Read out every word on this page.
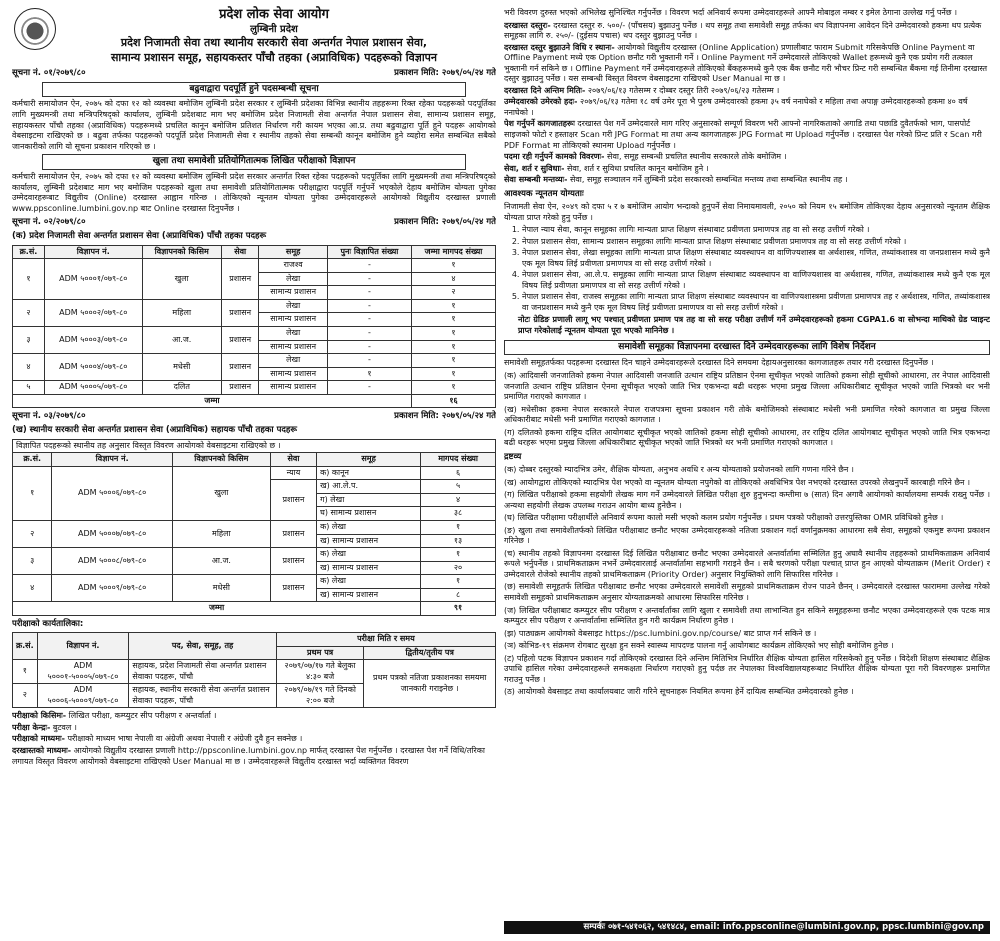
प्रदेश लोक सेवा आयोग
लुम्बिनी प्रदेश
प्रदेश निजामती सेवा तथा स्थानीय सरकारी सेवा अन्तर्गत नेपाल प्रशासन सेवा,
सामान्य प्रशासन समूह, सहायकस्तर पाँचौ तहका (अप्राविधिक) पदहरूको विज्ञापन
सूचना नं. ०१/२०७९/८०	प्रकाशन मिति: २०७९/०५/२४ गते
बढुवाद्वारा पदपूर्ति हुने पदसम्बन्धी सूचना

कर्मचारी समायोजन ऐन, २०७५ को दफा १२ को व्यवस्था बमोजिम लुम्बिनी प्रदेश सरकार र लुम्बिनी प्रदेशका विभिन्न स्थानीय तहहरूमा रिक्त रहेका पदहरूको पदपूर्तिका लागि मुख्यमन्त्री तथा मन्त्रिपरिषद्को कार्यालय, लुम्बिनी प्रदेशबाट माग भए बमोजिम प्रदेश निजामती सेवा अन्तर्गत नेपाल प्रशासन सेवा, सामान्य प्रशासन समूह, सहायकस्तर पाँचौ तहका (अप्राविधिक) पदहरूमध्ये प्रचलित कानून बमोजिम प्रतिशत निर्धारण गरी कायम भएका आ.प्र. तथा बढुवाद्वारा पूर्ति हुने पदहरू आयोगको वेबसाइटमा राखिएको छ । बढुवा तर्फका पदहरूको पदपूर्ति प्रदेश निजामती सेवा र स्थानीय तहको सेवा सम्बन्धी कानून बमोजिम हुने व्यहोरा समेत सम्बन्धित सबैको जानकारीको लागि यो सूचना प्रकाशन गरिएको छ ।

खुला तथा समावेशी प्रतियोगितात्मक लिखित परीक्षाको विज्ञापन

कर्मचारी समायोजन ऐन, २०७५ को दफा १२ को व्यवस्था बमोजिम लुम्बिनी प्रदेश सरकार अन्तर्गत रिक्त रहेका पदहरूको पदपूर्तिका लागि मुख्यमन्त्री तथा मन्त्रिपरिषद्को कार्यालय, लुम्बिनी प्रदेशबाट माग भए बमोजिम पदहरूको खुला तथा समावेशी प्रतियोगितात्मक परीक्षाद्वारा पदपूर्ति गर्नुपर्ने भएकोले देहाय बमोजिम योग्यता पुगेका उम्मेदवारहरूबाट विद्युतीय (Online) दरखास्त आह्वान गरिन्छ । तोकिएको न्यूनतम योग्यता पुगेका उम्मेदवारहरूले आयोगको विद्युतीय दरखास्त प्रणाली www.ppsconline.lumbini.gov.np बाट Online दरखास्त दिनुपर्नेछ ।

सूचना नं. ०२/२०७९/८०	प्रकाशन मिति: २०७९/०५/२४ गते
(क) प्रदेश निजामती सेवा अन्तर्गत प्रशासन सेवा (अप्राविधिक) पाँचौ तहका पदहरू
क्र.सं.	विज्ञापन नं.	विज्ञापनको किसिम	सेवा	समूह	पुनः विज्ञापित संख्या	जम्मा मागपद संख्या
१	ADM ५०००१/०७९-८०	खुला	प्रशासन	राजश्व	-	१
				लेखा	-	४
				सामान्य प्रशासन	-	२
२	ADM ५०००२/०७९-८०	महिला	प्रशासन	लेखा	-	१
				सामान्य प्रशासन	-	१
३	ADM ५०००३/०७९-८०	आ.ज.	प्रशासन	लेखा	-	१
				सामान्य प्रशासन	-	१
४	ADM ५०००४/०७९-८०	मधेसी	प्रशासन	लेखा	-	१
				सामान्य प्रशासन	१	१
५	ADM ५०००५/०७९-८०	दलित	प्रशासन	सामान्य प्रशासन	-	१
जम्मा						१६
सूचना नं. ०३/२०७९/८०	प्रकाशन मिति: २०७९/०५/२४ गते
(ख) स्थानीय सरकारी सेवा अन्तर्गत प्रशासन सेवा (अप्राविधिक) सहायक पाँचौ तहका पदहरू
विज्ञापित पदहरूको स्थानीय तह अनुसार विस्तृत विवरण आयोगको वेबसाइटमा राखिएको छ ।
क्र.सं.	विज्ञापन नं.	विज्ञापनको किसिम	सेवा	समूह	मागपद संख्या
१	ADM ५०००६/०७९-८०	खुला	न्याय	क) कानून	६
			प्रशासन	ख) आ.ले.प.	५
				ग) लेखा	४
				घ) सामान्य प्रशासन	३८
२	ADM ५०००७/०७९-८०	महिला	प्रशासन	क) लेखा	१
				ख) सामान्य प्रशासन	१३
३	ADM ५०००८/०७९-८०	आ.ज.	प्रशासन	क) लेखा	१
				ख) सामान्य प्रशासन	२०
४	ADM ५०००९/०७९-८०	मधेसी	प्रशासन	क) लेखा	१
				ख) सामान्य प्रशासन	८
जम्मा					९१
परीक्षाको कार्यतालिका:
क्र.सं.	विज्ञापन नं.	पद, सेवा, समूह, तह	परीक्षा मिति र समय	
			प्रथम पत्र	द्वितीय/तृतीय पत्र
१	ADM ५०००१-५०००५/०७९-८०	सहायक, प्रदेश निजामती सेवा अन्तर्गत प्रशासन सेवाका पदहरू, पाँचौ	२०७९/०७/१७ गते बेलुका ४:३० बजे	प्रथम पत्रको नतिजा प्रकाशनका समयमा जानकारी गराइनेछ ।
२	ADM ५०००६-५०००९/०७९-८०	सहायक, स्थानीय सरकारी सेवा अन्तर्गत प्रशासन सेवाका पदहरू, पाँचौ	२०७९/०७/१९ गते दिनको २:०० बजे	
परीक्षाको किसिमः- लिखित परीक्षा, कम्प्युटर सीप परीक्षण र अन्तर्वार्ता ।
परीक्षा केन्द्रः- बुटवल ।
परीक्षाको माध्यमः- परीक्षाको माध्यम भाषा नेपाली वा अंग्रेजी अथवा नेपाली र अंग्रेजी दुवै हुन सक्नेछ ।
दरखास्तको माध्यमः- आयोगको विद्युतीय दरखास्त प्रणाली http://ppsconline.lumbini.gov.np मार्फत् दरखास्त पेश गर्नुपर्नेछ । दरखास्त पेश गर्ने विधि/तरिका लगायत विस्तृत विवरण आयोगको वेबसाइटमा राखिएको User Manual मा छ । उम्मेदवारहरूले विद्युतीय दरखास्त भर्दा व्यक्तिगत विवरण

भरी विवरण दुरुस्त भएको अभिलेख सुनिश्चित गर्नुपर्नेछ । विवरण भर्दा अनिवार्य रूपमा उम्मेदवारहरूले आफ्नै मोबाइल नम्बर र इमेल ठेगाना उल्लेख गर्नु पर्नेछ ।

दरखास्त दस्तुरः- दरखास्त दस्तुर रु. ५००/- (पाँचसय) बुझाउनु पर्नेछ । थप समूह तथा समावेशी समूह तर्फका थप विज्ञापनमा आवेदन दिने उम्मेदवारको हकमा थप प्रत्येक समूहका लागि रु. २५०/- (दुईसय पचास) थप दस्तुर बुझाउनु पर्नेछ ।
दरखास्त दस्तुर बुझाउने विधि र स्थानः- आयोगको विद्युतीय दरखास्त (Online Application) प्रणालीबाट फाराम Submit गरिसकेपछि Online Payment वा Offline Payment मध्ये एक Option छनौट गरी भुक्तानी गर्ने । Online Payment गर्ने उम्मेदवारले तोकिएको Wallet हरूमध्ये कुनै एक प्रयोग गरी तत्काल भुक्तानी गर्न सकिने छ । Offline Payment गर्ने उम्मेदवारहरूले तोकिएको बैंकहरूमध्ये कुनै एक बैंक छनौट गरी भौचर प्रिन्ट गरी सम्बन्धित बैंकमा गई तिनीमा दरखास्त दस्तुर बुझाउनु पर्नेछ । यस सम्बन्धी विस्तृत विवरण वेबसाइटमा राखिएको User Manual मा छ ।
दरखास्त दिने अन्तिम मितिः- २०७९/०६/१३ गतेसम्म र दोब्बर दस्तुर तिरी २०७९/०६/२३ गतेसम्म ।
उम्मेदवारको उमेरको हदः- २०७९/०६/१३ गतेमा १८ वर्ष उमेर पूरा भै पुरुष उम्मेदवारको हकमा ३५ वर्ष ननाघेको र महिला तथा अपाङ्ग उम्मेदवारहरूको हकमा ४० वर्ष ननाघेको ।
पेश गर्नुपर्ने कागजातहरूः दरखास्त पेश गर्ने उम्मेदवारले माग गरिए अनुसारको सम्पूर्ण विवरण भरी आफ्नो नागरिकताको अगाडि तथा पछाडि दुवैतर्फको भाग, पासपोर्ट साइजको फोटो र हस्ताक्षर Scan गरी JPG Format मा तथा अन्य कागजातहरू JPG Format मा Upload गर्नुपर्नेछ । दरखास्त पेश गरेको प्रिन्ट प्रति र Scan गरी PDF Format मा तोकिएको स्थानमा Upload गर्नुपर्नेछ ।
पदमा रही गर्नुपर्ने कामको विवरणः- सेवा, समूह सम्बन्धी प्रचलित स्थानीय सरकारले तोके बमोजिम ।
सेवा, शर्त र सुविधाः- सेवा, शर्त र सुविधा प्रचलित कानून बमोजिम हुने ।
सेवा सम्बन्धी मन्तव्यः- सेवा, समूह सञ्चालन गर्ने लुम्बिनी प्रदेश सरकारको सम्बन्धित मन्तव्य तथा सम्बन्धित स्थानीय तह ।
आवश्यक न्यूनतम योग्यताः

निजामती सेवा ऐन, २०४९ को दफा ५ र ७ बमोजिम आयोग भन्दाको हुनुपर्ने सेवा निमायमावली, २०५० को नियम १५ बमोजिम तोकिएका देहाय अनुसारको न्यूनतम शैक्षिक योग्यता प्राप्त गरेको हुनु पर्नेछ ।

1. नेपाल न्याय सेवा, कानून समूहका लागिः मान्यता प्राप्त शिक्षण संस्थाबाट प्रवीणता प्रमाणपत्र तह वा सो सरह उत्तीर्ण गरेको ।
2. नेपाल प्रशासन सेवा, सामान्य प्रशासन समूहका लागिः मान्यता प्राप्त शिक्षण संस्थाबाट प्रवीणता प्रमाणपत्र तह वा सो सरह उत्तीर्ण गरेको ।
3. नेपाल प्रशासन सेवा, लेखा समूहका लागिः मान्यता प्राप्त शिक्षण संस्थाबाट व्यवस्थापन वा वाणिज्यशास्त्र वा अर्थशास्त्र, गणित, तथ्यांकशास्त्र वा जनप्रशासन मध्ये कुनै एक मूल विषय लिई प्रवीणता प्रमाणपत्र वा सो सरह उत्तीर्ण गरेको ।
4. नेपाल प्रशासन सेवा, आ.ले.प. समूहका लागिः मान्यता प्राप्त शिक्षण संस्थाबाट व्यवस्थापन वा वाणिज्यशास्त्र वा अर्थशास्त्र, गणित, तथ्यांकशास्त्र मध्ये कुनै एक मूल विषय लिई प्रवीणता प्रमाणपत्र वा सो सरह उत्तीर्ण गरेको ।
5. नेपाल प्रशासन सेवा, राजस्व समूहका लागिः मान्यता प्राप्त शिक्षण संस्थाबाट व्यवस्थापन वा वाणिज्यशास्त्रमा प्रवीणता प्रमाणपत्र तह र अर्थशास्त्र, गणित, तथ्यांकशास्त्र वा जनप्रशासन मध्ये कुनै एक मूल विषय लिई प्रवीणता प्रमाणपत्र वा सो सरह उत्तीर्ण गरेको ।

नोटः ग्रेडिङ प्रणाली लागू भए पश्चात् प्रवीणता प्रमाण पत्र तह वा सो सरह परीक्षा उत्तीर्ण गर्ने उम्मेदवारहरूको हकमा CGPA1.6 वा सोभन्दा माथिको ग्रेड प्वाइन्ट प्राप्त गरेकोलाई न्यूनतम योग्यता पूरा भएको मानिनेछ ।

समावेशी समूहका विज्ञापनमा दरखास्त दिने उम्मेदवारहरूका लागि विशेष निर्देशन

समावेशी समूहतर्फका पदहरूमा दरखास्त दिन चाहने उम्मेदवारहरूले दरखास्त दिने समयमा देहायअनुसारका कागजातहरू तयार गरी दरखास्त दिनुपर्नेछ ।

(क) आदिवासी जनजातिको हकमा नेपाल आदिवासी जनजाति उत्थान राष्ट्रिय प्रतिष्ठान ऐनमा सूचीकृत भएको जातिको हकमा सोही सूचीको आधारमा, तर नेपाल आदिवासी जनजाति उत्थान राष्ट्रिय प्रतिष्ठान ऐनमा सूचीकृत भएको जाति भित्र एकभन्दा बढी थरहरू भएमा प्रमुख जिल्ला अधिकारीबाट सूचीकृत भएको जाति भित्रको थर भनी प्रमाणित गराएको कागजात ।

(ख) मधेसीका हकमा नेपाल सरकारले नेपाल राजपत्रमा सूचना प्रकाशन गरी तोके बमोजिमको संस्थाबाट मधेसी भनी प्रमाणित गरेको कागजात वा प्रमुख जिल्ला अधिकारीबाट मधेसी भनी प्रमाणित गराएको कागजात ।

(ग) दलितको हकमा राष्ट्रिय दलित आयोगबाट सूचीकृत भएको जातिको हकमा सोही सूचीको आधारमा, तर राष्ट्रिय दलित आयोगबाट सूचीकृत भएको जाति भित्र एकभन्दा बढी थरहरू भएमा प्रमुख जिल्ला अधिकारीबाट सूचीकृत भएको जाति भित्रको थर भनी प्रमाणित गराएको कागजात ।

द्रष्टव्य

(क) दोब्बर दस्तुरको म्यादभित्र उमेर, शैक्षिक योग्यता, अनुभव अवधि र अन्य योग्यताको प्रयोजनको लागि गणना गरिने छैन ।

(ख) आयोगद्वारा तोकिएको म्यादभित्र पेश भएको वा न्यूनतम योग्यता नपुगेको वा तोकिएको अवधिभित्र पेश नभएको दरखास्त उपरको लेखनुपर्ने कारबाही गरिने छैन ।

(ग) लिखित परीक्षाको हकमा सहयोगी लेखक माग गर्ने उम्मेदवारले लिखित परीक्षा शुरु हुनुभन्दा कम्तीमा ७ (सात) दिन अगावै आयोगको कार्यालयमा सम्पर्क राख्नु पर्नेछ । अन्यथा सहयोगी लेखक उपलब्ध गराउन आयोग बाध्य हुनेछैन ।

(घ) लिखित परीक्षामा परीक्षार्थीले अनिवार्य रूपमा कालो मसी भएको कलम प्रयोग गर्नुपर्नेछ । प्रथम पत्रको परीक्षाको उत्तरपुस्तिका OMR प्रविधिको हुनेछ ।

(ङ) खुला तथा समावेशीतर्फको लिखित परीक्षाबाट छनौट भएका उम्मेदवारहरूको नतिजा प्रकाशन गर्दा वर्णानुक्रमका आधारमा सबै सेवा, समूहको एकमुष्ट रूपमा प्रकाशन गरिनेछ ।

(च) स्थानीय तहको विज्ञापनमा दरखास्त दिई लिखित परीक्षाबाट छनौट भएका उम्मेदवारले अन्तर्वार्तामा सम्मिलित हुनु अघावै स्थानीय तहहरूको प्राथमिकताक्रम अनिवार्य रूपले भर्नुपर्नेछ । प्राथमिकताक्रम नभर्ने उम्मेदवारलाई अन्तर्वार्तामा सहभागी गराइने छैन । सबै चरणको परीक्षा पश्चात् प्राप्त हुन आएको योग्यताक्रम (Merit Order) र उम्मेदवारले रोजेको स्थानीय तहको प्राथमिकताक्रम (Priority Order) अनुसार नियुक्तिको लागि सिफारिस गरिनेछ ।

(छ) समावेशी समूहतर्फ लिखित परीक्षाबाट छनौट भएका उम्मेदवारले समावेशी समूहको प्राथमिकताक्रम रोज्न पाउने छैनन् । उम्मेदवारले दरखास्त फाराममा उल्लेख गरेको समावेशी समूहको प्राथमिकताक्रम अनुसार योग्यताक्रमको आधारमा सिफारिस गरिनेछ ।

(ज) लिखित परीक्षाबाट कम्प्युटर सीप परीक्षण र अन्तर्वार्ताका लागि खुला र समावेशी तथा लाभान्वित हुन सकिने समूहहरूमा छनौट भएका उम्मेदवारहरूले एक पटक मात्र कम्प्युटर सीप परीक्षण र अन्तर्वार्तामा सम्मिलित हुन गरी कार्यक्रम निर्धारण हुनेछ ।

(झ) पाठ्यक्रम आयोगको वेबसाइट https://psc.lumbini.gov.np/course/ बाट प्राप्त गर्न सकिने छ ।

(ञ) कोभिड-१९ संक्रमण रोगबाट सुरक्षा हुन सक्ने स्वास्थ्य मापदण्ड पालना गर्नु आयोगबाट कार्यक्रम तोकिएको भए सोही बमोजिम हुनेछ ।

(ट) पहिलो पटक विज्ञापन प्रकाशन गर्दा तोकिएको दरखास्त दिने अन्तिम मितिभित्र निर्धारित शैक्षिक योग्यता हासिल गरिसकेको हुनु पर्नेछ । विदेशी शिक्षण संस्थाबाट शैक्षिक उपाधि हासिल गरेका उम्मेदवारहरूले समकक्षता निर्धारण गराएको हुनु पर्दछ तर नेपालका विश्वविद्यालयहरूबाट निर्धारित शैक्षिक योग्यता पूरा गरी विवरणहरू प्रमाणित गराउनु पर्नेछ ।

(ठ) आयोगको वेबसाइट तथा कार्यालयबाट जारी गरिने सूचनाहरू नियमित रूपमा हेर्ने दायित्व सम्बन्धित उम्मेदवारको हुनेछ ।

सम्पर्कः ०७१-५४१०६२, ५४१४८४, email: info.ppsconline@lumbini.gov.np, ppsc.lumbini@gov.np
